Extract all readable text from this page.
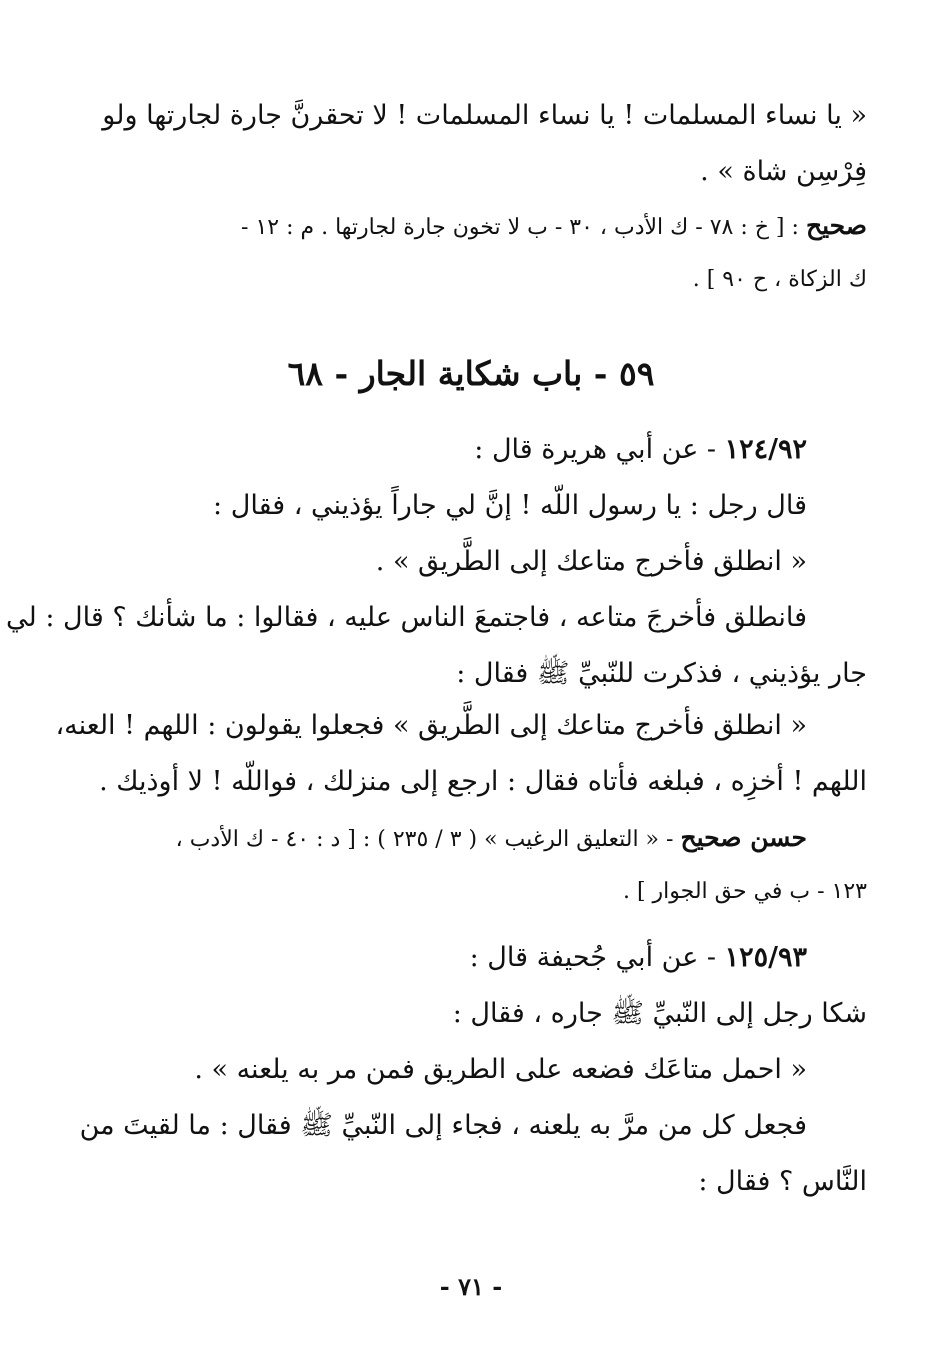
« يا نساء المسلمات ! يا نساء المسلمات ! لا تحقرنَّ جارة لجارتها ولو
فِرْسِن شاة » .
صحيح : [ خ : ٧٨ - ك الأدب ، ٣٠ - ب لا تخون جارة لجارتها . م : ١٢ -
ك الزكاة ، ح ٩٠ ] .
٥٩ - باب شكاية الجار - ٦٨
١٢٤/٩٢ - عن أبي هريرة قال :
قال رجل : يا رسول اللّه ! إنَّ لي جاراً يؤذيني ، فقال :
« انطلق فأخرج متاعك إلى الطَّريق » .
فانطلق فأخرجَ متاعه ، فاجتمعَ الناس عليه ، فقالوا : ما شأنك ؟ قال : لي
جار يؤذيني ، فذكرت للنّبيِّ ﷺ فقال :
« انطلق فأخرج متاعك إلى الطَّريق » فجعلوا يقولون : اللهم ! العنه،
اللهم ! أخزِه ، فبلغه فأتاه فقال : ارجع إلى منزلك ، فواللّه ! لا أوذيك .
حسن صحيح - « التعليق الرغيب » ( ٣ / ٢٣٥ ) : [ د : ٤٠ - ك الأدب ،
١٢٣ - ب في حق الجوار ] .
١٢٥/٩٣ - عن أبي جُحيفة قال :
شكا رجل إلى النّبيِّ ﷺ جاره ، فقال :
« احمل متاعَك فضعه على الطريق فمن مر به يلعنه » .
فجعل كل من مرَّ به يلعنه ، فجاء إلى النّبيِّ ﷺ فقال : ما لقيتَ من
النَّاس ؟ فقال :
- ٧١ -
